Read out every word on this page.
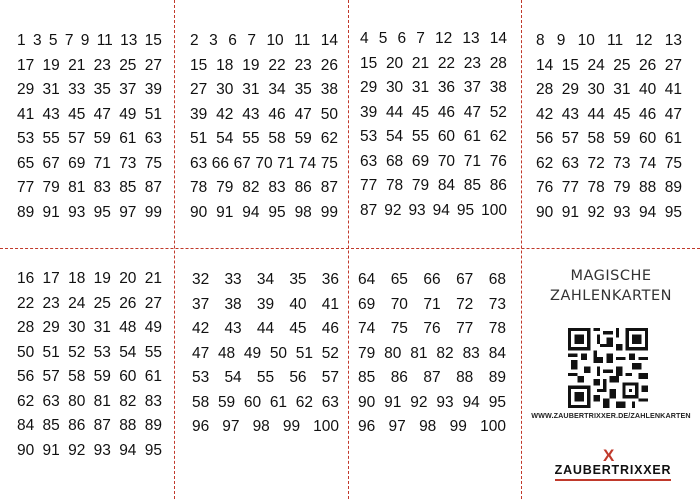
1 3 5 7 9 11 13 15
17 19 21 23 25 27
29 31 33 35 37 39
41 43 45 47 49 51
53 55 57 59 61 63
65 67 69 71 73 75
77 79 81 83 85 87
89 91 93 95 97 99
2 3 6 7 10 11 14
15 18 19 22 23 26
27 30 31 34 35 38
39 42 43 46 47 50
51 54 55 58 59 62
63 66 67 70 71 74 75
78 79 82 83 86 87
90 91 94 95 98 99
4 5 6 7 12 13 14
15 20 21 22 23 28
29 30 31 36 37 38
39 44 45 46 47 52
53 54 55 60 61 62
63 68 69 70 71 76
77 78 79 84 85 86
87 92 93 94 95 100
8 9 10 11 12 13
14 15 24 25 26 27
28 29 30 31 40 41
42 43 44 45 46 47
56 57 58 59 60 61
62 63 72 73 74 75
76 77 78 79 88 89
90 91 92 93 94 95
16 17 18 19 20 21
22 23 24 25 26 27
28 29 30 31 48 49
50 51 52 53 54 55
56 57 58 59 60 61
62 63 80 81 82 83
84 85 86 87 88 89
90 91 92 93 94 95
32 33 34 35 36
37 38 39 40 41
42 43 44 45 46
47 48 49 50 51 52
53 54 55 56 57
58 59 60 61 62 63
96 97 98 99 100
64 65 66 67 68
69 70 71 72 73
74 75 76 77 78
79 80 81 82 83 84
85 86 87 88 89
90 91 92 93 94 95
96 97 98 99 100
MAGISCHE
ZAHLENKARTEN
WWW.ZAUBERTRIXXER.DE/ZAHLENKARTEN
X
ZAUBERTRIXXER
